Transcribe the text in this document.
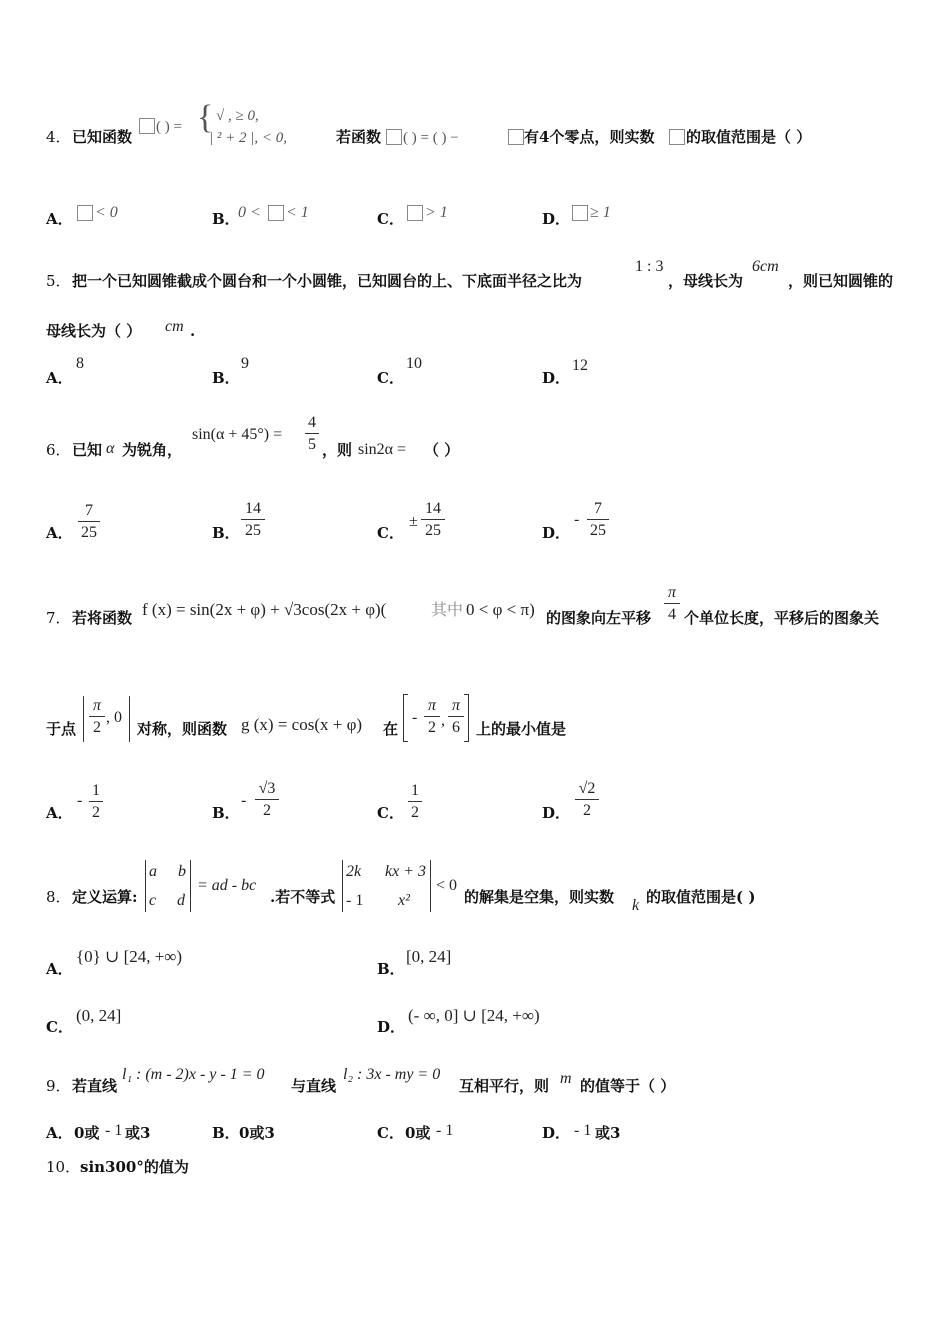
4． 已知函数
( ) = { √ , ≥ 0,
| ² + 2 |, < 0,	若函数 ( ) = ( ) −	有4个零点，则实数 的取值范围是（ ）
A． < 0	B．
0 < < 1	C． > 1	D． ≥ 1
5． 把一个已知圆锥截成个圆台和一个小圆锥，已知圆台的上、下底面半径之比为
1 : 3
，母线长为
6cm
，则已知圆锥的
母线长为（ ） cm .
A．
8
B．
9
C．
10
D．
12
6． 已知 α 为锐角，
$\sin(\alpha + 45^\circ) = \frac{4}{5}$ ，则 sin2α = （ ）
A． $\frac{7}{25}$	B． $\frac{14}{25}$	C．
± $\frac{14}{25}$	D．
- $\frac{7}{25}$
7． 若将函数 f (x) = sin(2x + φ) + √3cos(2x + φ)(	其中 0 < φ < π) 的图象向左平移 $\frac{\pi}{4}$ 个单位长度，平移后的图象关
于点 $\frac{\pi}{2}$ , 0
对称，则函数 g (x) = cos(x + φ) 在
- $\frac{\pi}{2}$ , $\frac{\pi}{6}$ 上的最小值是
A．
- $\frac{1}{2}$	B．
- $\frac{√3}{2}$	C． $\frac{1}{2}$	D． $\frac{√2}{2}$
8． 定义运算:
a b
c d
= ad - bc
.若不等式
2k kx + 3
- 1 x²
< 0
的解集是空集，则实数 k 的取值范围是( )
A．
{0} ∪ [24, +∞)
B．
[0, 24]
C．
(0, 24]
D．
(- ∞, 0] ∪ [24, +∞)
9． 若直线
l₁ : (m - 2)x - y - 1 = 0
与直线
l₂ : 3x - my = 0
互相平行，则 m 的值等于（ ）
A． 0或 - 1 或3	B． 0或3	C． 0或 - 1	D． - 1 或3
10． sin300°的值为
